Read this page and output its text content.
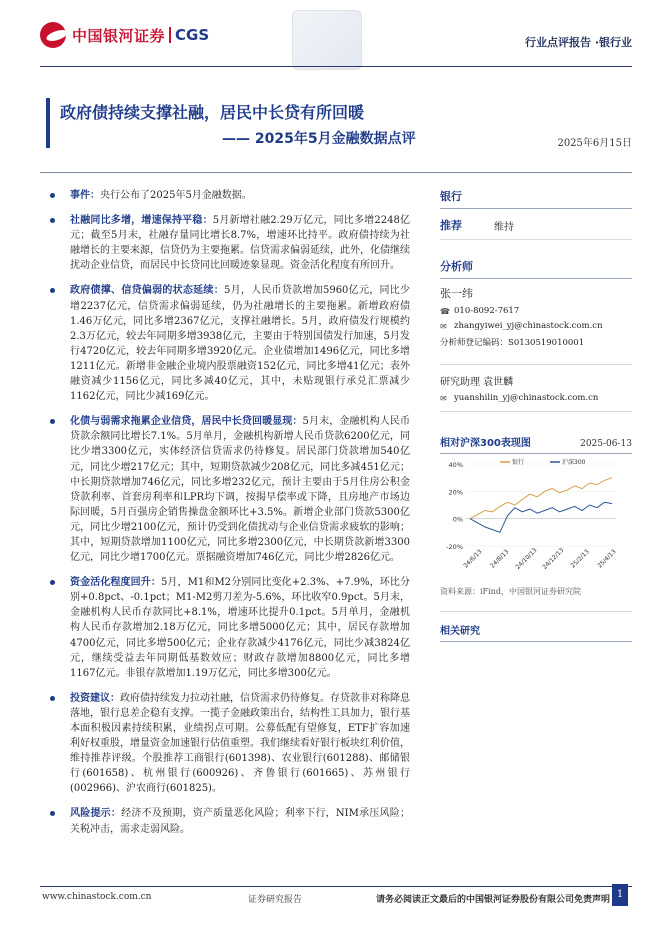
中国银河证券 CGS	行业点评报告 ·银行业
政府债持续支撑社融，居民中长贷有所回暖
—— 2025年5月金融数据点评	2025年6月15日
事件：央行公布了2025年5月金融数据。
社融同比多增，增速保持平稳：5月新增社融2.29万亿元，同比多增2248亿元；截至5月末，社融存量同比增长8.7%，增速环比持平。政府债持续为社融增长的主要来源，信贷仍为主要拖累。信贷需求偏弱延续，此外，化债继续扰动企业信贷，而居民中长贷同比回暖迹象显现。资金活化程度有所回升。
政府债撑、信贷偏弱的状态延续：5月，人民币贷款增加5960亿元，同比少增2237亿元，信贷需求偏弱延续，仍为社融增长的主要拖累。新增政府债1.46万亿元，同比多增2367亿元，支撑社融增长。5月，政府债发行规模约2.3万亿元，较去年同期多增3938亿元，主要由于特别国债发行加速，5月发行4720亿元，较去年同期多增3920亿元。企业债增加1496亿元，同比多增1211亿元。新增非金融企业境内股票融资152亿元，同比多增41亿元；表外融资减少1156亿元，同比多减40亿元，其中，未贴现银行承兑汇票减少1162亿元，同比少减169亿元。
化债与弱需求拖累企业信贷，居民中长贷回暖显现：5月末，金融机构人民币贷款余额同比增长7.1%。5月单月，金融机构新增人民币贷款6200亿元，同比少增3300亿元，实体经济信贷需求仍待修复。居民部门贷款增加540亿元，同比少增217亿元；其中，短期贷款减少208亿元，同比多减451亿元；中长期贷款增加746亿元，同比多增232亿元，预计主要由于5月住房公积金贷款利率、首套房利率和LPR均下调，按揭早偿率或下降，且房地产市场边际回暖，5月百强房企销售操盘金额环比+3.5%。新增企业部门贷款5300亿元，同比少增2100亿元，预计仍受到化债扰动与企业信贷需求疲软的影响；其中，短期贷款增加1100亿元，同比多增2300亿元，中长期贷款新增3300亿元，同比少增1700亿元。票据融资增加746亿元，同比少增2826亿元。
资金活化程度回升：5月，M1和M2分别同比变化+2.3%、+7.9%，环比分别+0.8pct、-0.1pct；M1-M2剪刀差为-5.6%，环比收窄0.9pct。5月末，金融机构人民币存款同比+8.1%，增速环比提升0.1pct。5月单月，金融机构人民币存款增加2.18万亿元，同比多增5000亿元；其中，居民存款增加4700亿元，同比多增500亿元；企业存款减少4176亿元，同比少减3824亿元，继续受益去年同期低基数效应；财政存款增加8800亿元，同比多增1167亿元。非银存款增加1.19万亿元，同比多增300亿元。
投资建议：政府债持续发力拉动社融，信贷需求仍待修复。存贷款非对称降息落地，银行息差企稳有支撑。一揽子金融政策出台，结构性工具加力，银行基本面积极因素持续积累，业绩拐点可期。公募低配有望修复，ETF扩容加速利好权重股，增量资金加速银行估值重塑。我们继续看好银行板块红利价值，维持推荐评级。个股推荐工商银行(601398)、农业银行(601288)、邮储银行(601658)、杭州银行(600926)、齐鲁银行(601665)、苏州银行(002966)、沪农商行(601825)。
风险提示：经济不及预期，资产质量恶化风险；利率下行，NIM承压风险；关税冲击，需求走弱风险。
银行
推荐	维持
分析师
张一纬
☎ 010-8092-7617
✉ zhangyiwei_yj@chinastock.com.cn
分析师登记编码：S0130519010001
研究助理 袁世麟
✉ yuanshilin_yj@chinastock.com.cn
相对沪深300表现图	2025-06-13
40%
20%
0%
-20%
24/6/13 24/8/13 24/10/13 24/12/13 25/2/13 25/4/13
银行	沪深300
资料来源：iFind，中国银河证券研究院
相关研究
www.chinastock.com.cn	证券研究报告	请务必阅读正文最后的中国银河证券股份有限公司免责声明 1
